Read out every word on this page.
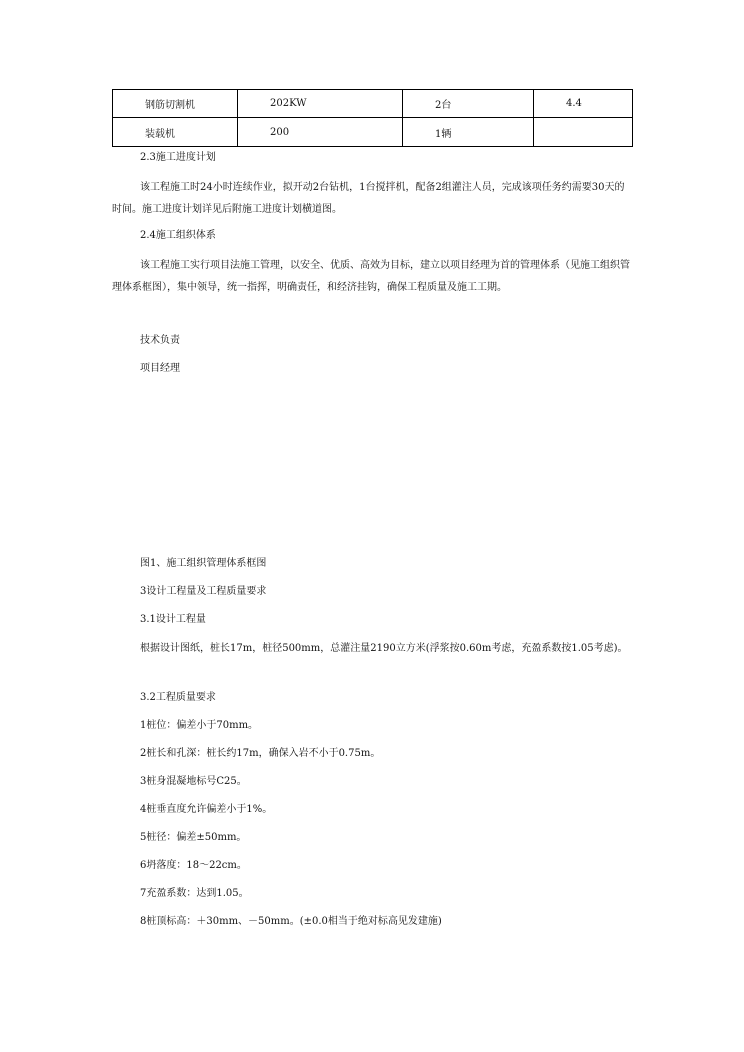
钢筋切割机	202KW	2台	4.4
装载机	200	1辆	
2.3施工进度计划
该工程施工时24小时连续作业，拟开动2台钻机，1台搅拌机，配备2组灌注人员，完成该项任务约需要30天的时间。施工进度计划详见后附施工进度计划横道图。
2.4施工组织体系
该工程施工实行项目法施工管理，以安全、优质、高效为目标，建立以项目经理为首的管理体系（见施工组织管理体系框图），集中领导，统一指挥，明确责任，和经济挂钩，确保工程质量及施工工期。
技术负责
项目经理
图1、施工组织管理体系框图
3设计工程量及工程质量要求
3.1设计工程量
根据设计图纸，桩长17m，桩径500mm，总灌注量2190立方米(浮浆按0.60m考虑，充盈系数按1.05考虑)。
3.2工程质量要求
1桩位：偏差小于70mm。
2桩长和孔深：桩长约17m，确保入岩不小于0.75m。
3桩身混凝地标号C25。
4桩垂直度允许偏差小于1%。
5桩径：偏差±50mm。
6坍落度：18～22cm。
7充盈系数：达到1.05。
8桩顶标高：＋30mm、－50mm。(±0.0相当于绝对标高见发建施)
